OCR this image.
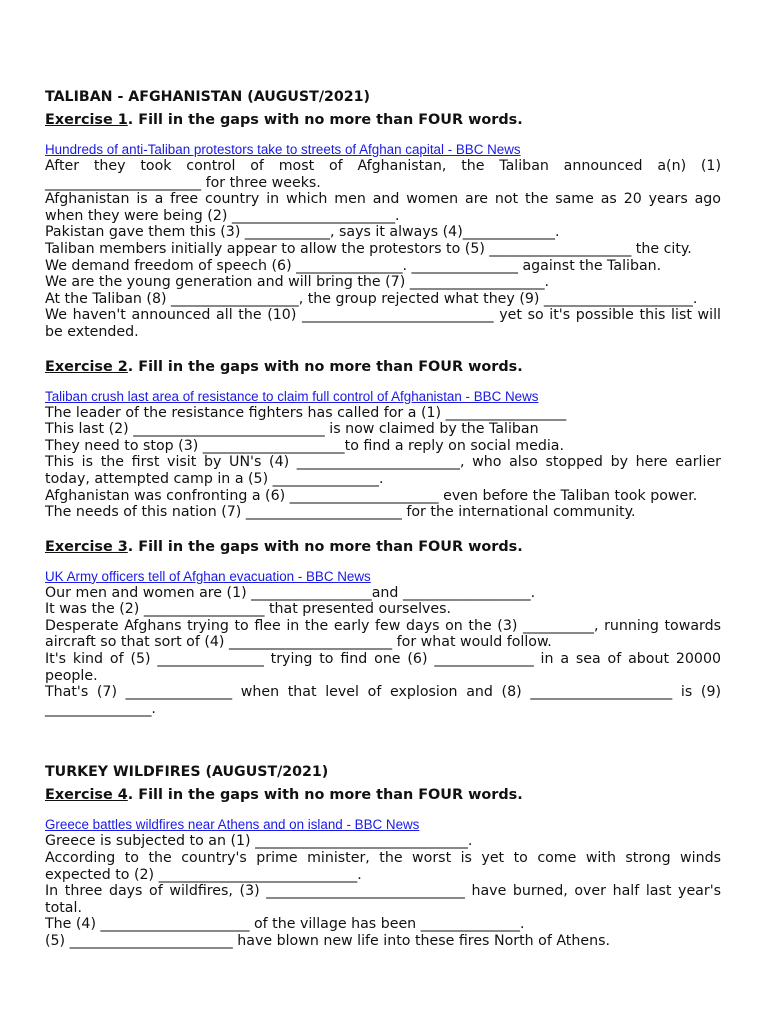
TALIBAN - AFGHANISTAN (AUGUST/2021)
Exercise 1. Fill in the gaps with no more than FOUR words.
Hundreds of anti-Taliban protestors take to streets of Afghan capital - BBC News

After they took control of most of Afghanistan, the Taliban announced a(n) (1) ______________________ for three weeks.

Afghanistan is a free country in which men and women are not the same as 20 years ago when they were being (2) _______________________.

Pakistan gave them this (3) ____________, says it always (4)_____________.

Taliban members initially appear to allow the protestors to (5) ____________________ the city.

We demand freedom of speech (6) _______________. _______________ against the Taliban.

We are the young generation and will bring the (7) ___________________.

At the Taliban (8) __________________, the group rejected what they (9) _____________________.

We haven't announced all the (10) ___________________________ yet so it's possible this list will be extended.

Exercise 2. Fill in the gaps with no more than FOUR words.
Taliban crush last area of resistance to claim full control of Afghanistan - BBC News

The leader of the resistance fighters has called for a (1) _________________

This last (2) ___________________________ is now claimed by the Taliban

They need to stop (3) ____________________to find a reply on social media.

This is the first visit by UN's (4) _______________________, who also stopped by here earlier today, attempted camp in a (5) _______________.

Afghanistan was confronting a (6) _____________________ even before the Taliban took power.

The needs of this nation (7) ______________________ for the international community.

Exercise 3. Fill in the gaps with no more than FOUR words.
UK Army officers tell of Afghan evacuation - BBC News

Our men and women are (1) _________________and __________________.

It was the (2) _________________ that presented ourselves.

Desperate Afghans trying to flee in the early few days on the (3) __________, running towards aircraft so that sort of (4) _______________________ for what would follow.

It's kind of (5) _______________ trying to find one (6) ______________ in a sea of about 20000 people.

That's (7) _______________ when that level of explosion and (8) ____________________ is (9) _______________.

TURKEY WILDFIRES (AUGUST/2021)
Exercise 4. Fill in the gaps with no more than FOUR words.
Greece battles wildfires near Athens and on island - BBC News

Greece is subjected to an (1) ______________________________.

According to the country's prime minister, the worst is yet to come with strong winds expected to (2) ____________________________.

In three days of wildfires, (3) ____________________________ have burned, over half last year's total.

The (4) _____________________ of the village has been ______________.

(5) _______________________ have blown new life into these fires North of Athens.
